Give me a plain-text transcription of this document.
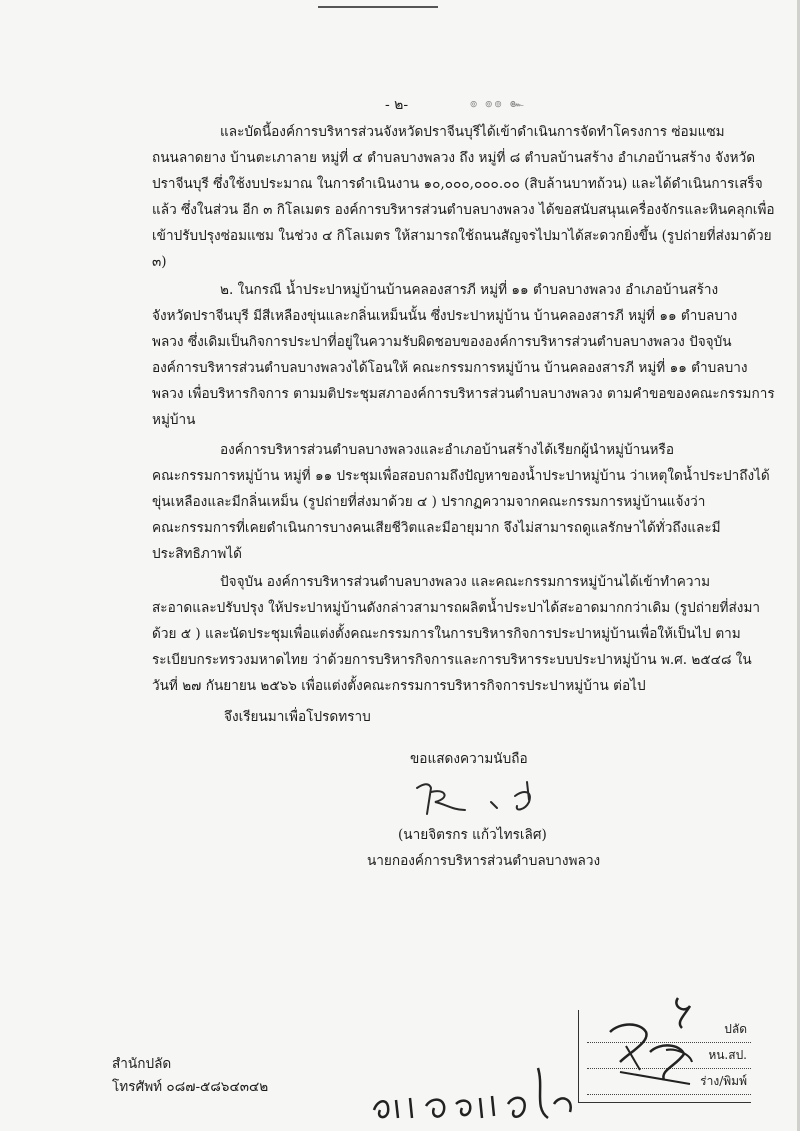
- ๒-	๏ ๏๏ ๛
และบัดนี้องค์การบริหารส่วนจังหวัดปราจีนบุรีได้เข้าดำเนินการจัดทำโครงการ ซ่อมแซม
ถนนลาดยาง บ้านตะเภาลาย หมู่ที่ ๔ ตำบลบางพลวง ถึง หมู่ที่ ๘ ตำบลบ้านสร้าง อำเภอบ้านสร้าง จังหวัด
ปราจีนบุรี ซึ่งใช้งบประมาณ ในการดำเนินงาน ๑๐,๐๐๐,๐๐๐.๐๐ (สิบล้านบาทถ้วน) และได้ดำเนินการเสร็จ
แล้ว ซึ่งในส่วน อีก ๓ กิโลเมตร องค์การบริหารส่วนตำบลบางพลวง ได้ขอสนับสนุนเครื่องจักรและหินคลุกเพื่อ
เข้าปรับปรุงซ่อมแซม ในช่วง ๔ กิโลเมตร ให้สามารถใช้ถนนสัญจรไปมาได้สะดวกยิ่งขึ้น (รูปถ่ายที่ส่งมาด้วย
๓)
๒. ในกรณี น้ำประปาหมู่บ้านบ้านคลองสารภี หมู่ที่ ๑๑ ตำบลบางพลวง อำเภอบ้านสร้าง
จังหวัดปราจีนบุรี มีสีเหลืองขุ่นและกลิ่นเหม็นนั้น ซึ่งประปาหมู่บ้าน บ้านคลองสารภี หมู่ที่ ๑๑ ตำบลบาง
พลวง ซึ่งเดิมเป็นกิจการประปาที่อยู่ในความรับผิดชอบขององค์การบริหารส่วนตำบลบางพลวง ปัจจุบัน
องค์การบริหารส่วนตำบลบางพลวงได้โอนให้ คณะกรรมการหมู่บ้าน บ้านคลองสารภี หมู่ที่ ๑๑ ตำบลบาง
พลวง เพื่อบริหารกิจการ ตามมติประชุมสภาองค์การบริหารส่วนตำบลบางพลวง ตามคำขอของคณะกรรมการ
หมู่บ้าน
องค์การบริหารส่วนตำบลบางพลวงและอำเภอบ้านสร้างได้เรียกผู้นำหมู่บ้านหรือ
คณะกรรมการหมู่บ้าน หมู่ที่ ๑๑ ประชุมเพื่อสอบถามถึงปัญหาของน้ำประปาหมู่บ้าน ว่าเหตุใดน้ำประปาถึงได้
ขุ่นเหลืองและมีกลิ่นเหม็น (รูปถ่ายที่ส่งมาด้วย ๔ ) ปรากฏความจากคณะกรรมการหมู่บ้านแจ้งว่า
คณะกรรมการที่เคยดำเนินการบางคนเสียชีวิตและมีอายุมาก จึงไม่สามารถดูแลรักษาได้ทั่วถึงและมี
ประสิทธิภาพได้
ปัจจุบัน องค์การบริหารส่วนตำบลบางพลวง และคณะกรรมการหมู่บ้านได้เข้าทำความ
สะอาดและปรับปรุง ให้ประปาหมู่บ้านดังกล่าวสามารถผลิตน้ำประปาได้สะอาดมากกว่าเดิม (รูปถ่ายที่ส่งมา
ด้วย ๕ ) และนัดประชุมเพื่อแต่งตั้งคณะกรรมการในการบริหารกิจการประปาหมู่บ้านเพื่อให้เป็นไป ตาม
ระเบียบกระทรวงมหาดไทย ว่าด้วยการบริหารกิจการและการบริหารระบบประปาหมู่บ้าน พ.ศ. ๒๕๔๘ ใน
วันที่ ๒๗ กันยายน ๒๕๖๖ เพื่อแต่งตั้งคณะกรรมการบริหารกิจการประปาหมู่บ้าน ต่อไป
จึงเรียนมาเพื่อโปรดทราบ
ขอแสดงความนับถือ
(นายจิตรกร แก้วไทรเลิศ)
นายกองค์การบริหารส่วนตำบลบางพลวง
ปลัด
หน.สป.
ร่าง/พิมพ์
สำนักปลัด
โทรศัพท์ ๐๘๗-๕๘๖๔๓๔๒
